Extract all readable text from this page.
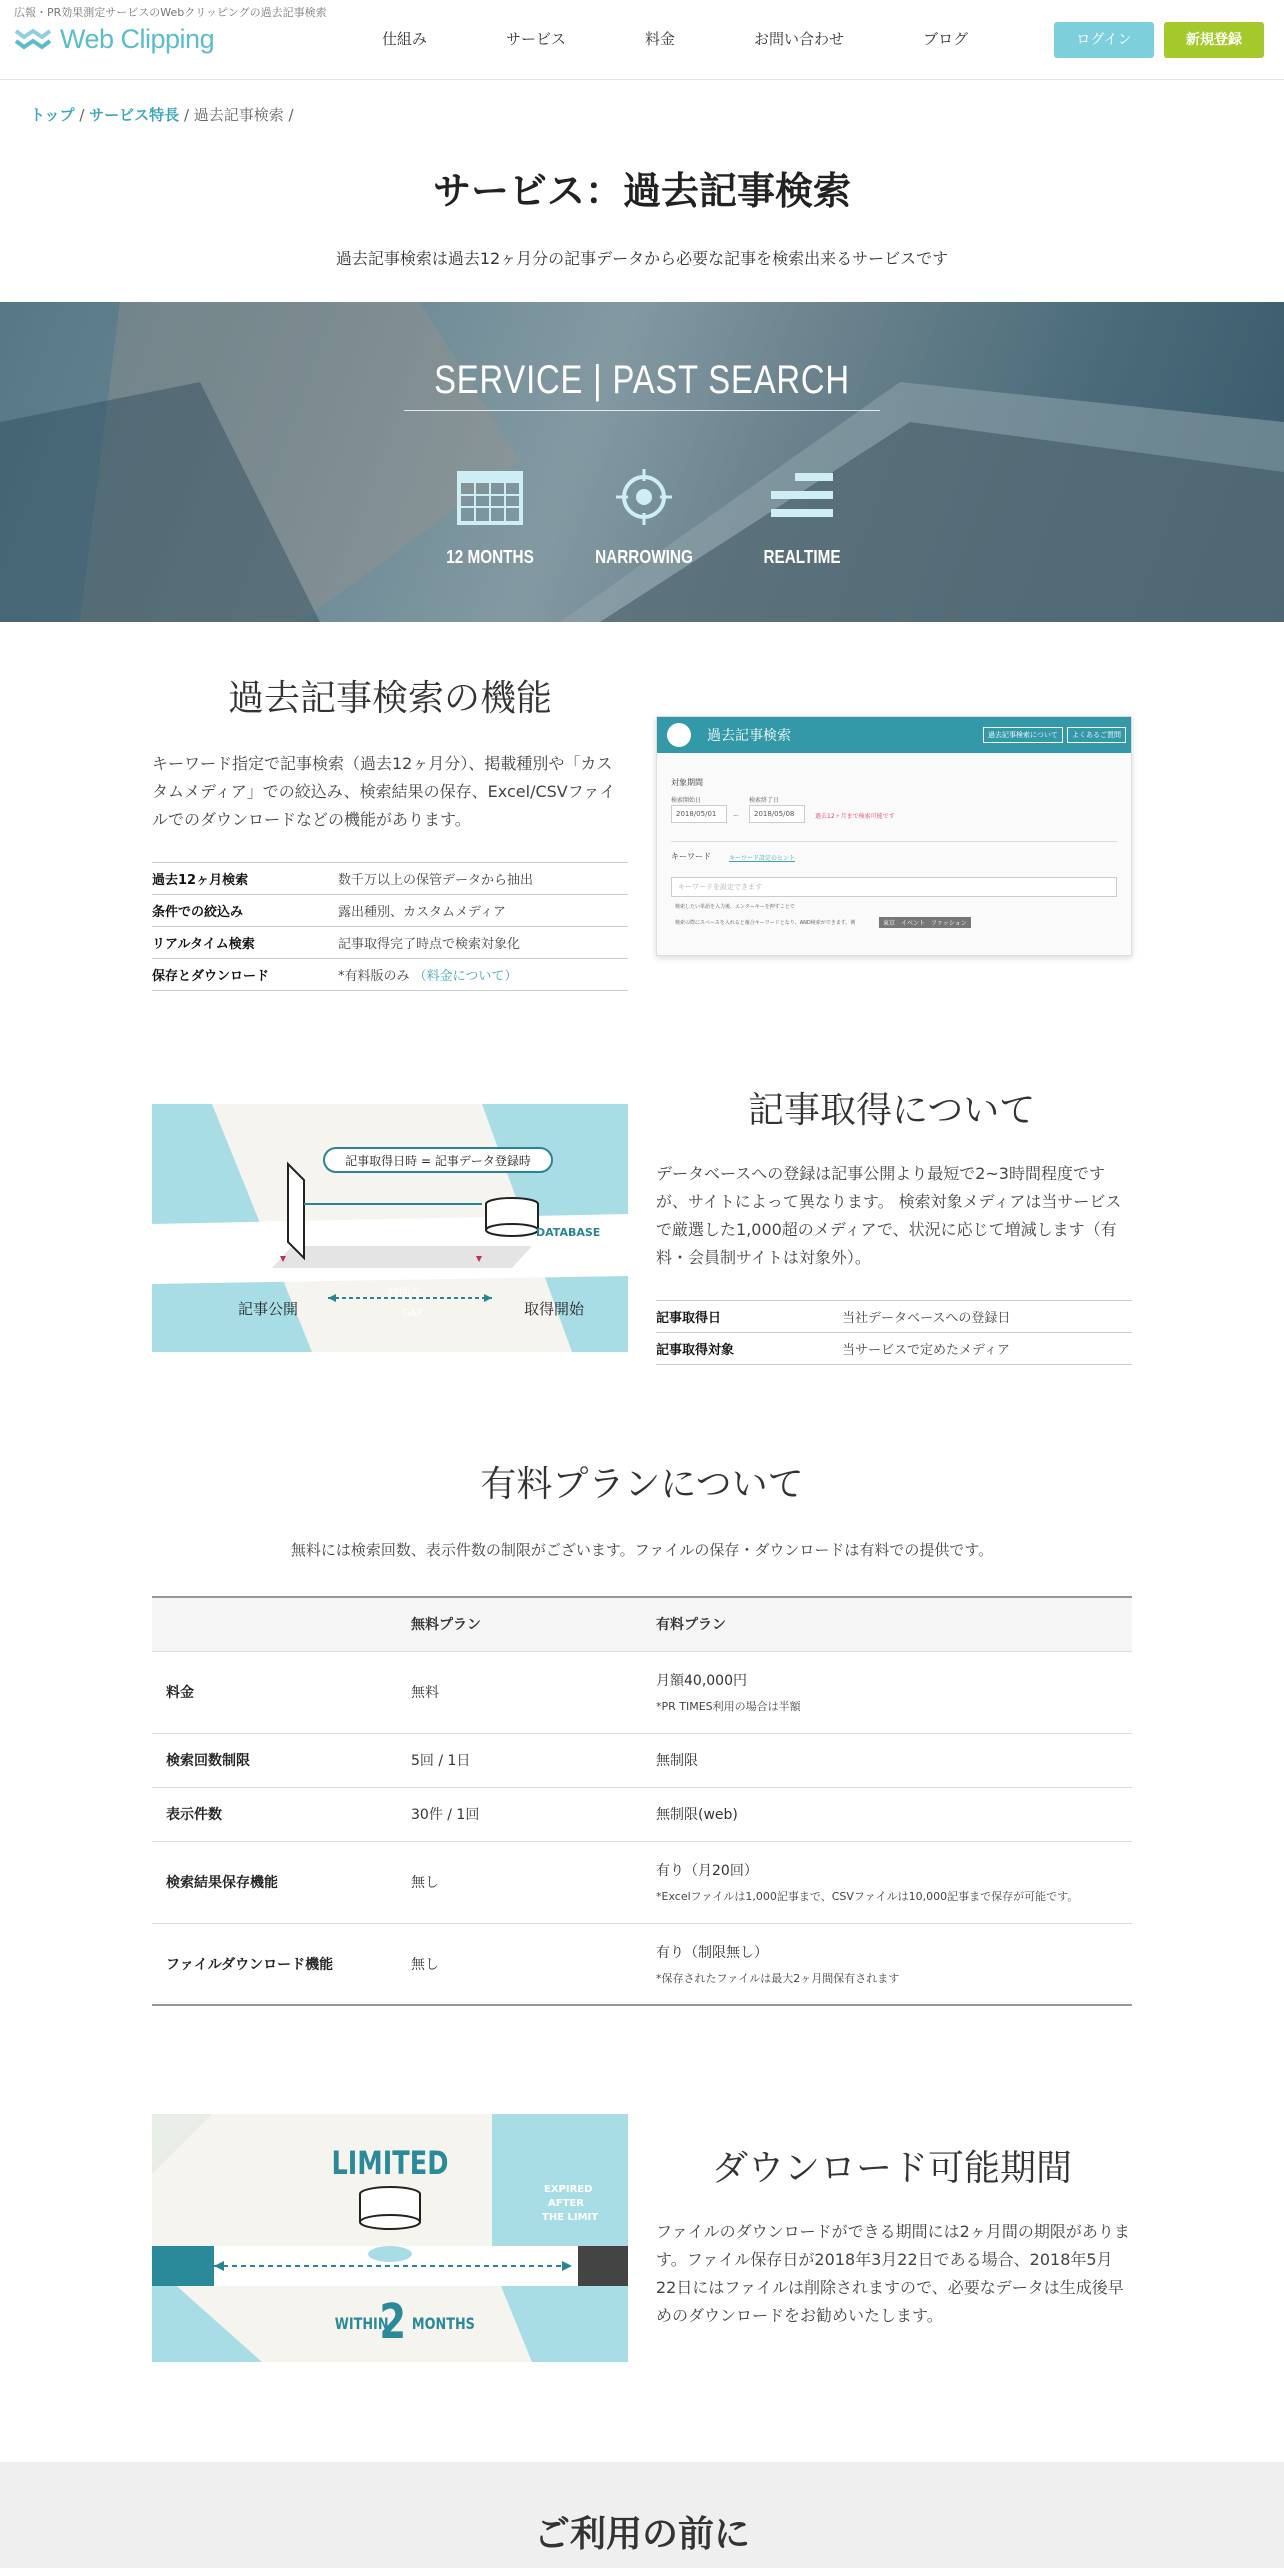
広報・PR効果測定サービスのWebクリッピングの過去記事検索
Web Clipping	仕組み	サービス	料金	お問い合わせ	ブログ	ログイン	新規登録
トップ / サービス特長 / 過去記事検索 /
サービス：過去記事検索

過去記事検索は過去12ヶ月分の記事データから必要な記事を検索出来るサービスです

SERVICE | PAST SEARCH
12 MONTHS	NARROWING	REALTIME
過去記事検索の機能

キーワード指定で記事検索（過去12ヶ月分）、掲載種別や「カスタムメディア」での絞込み、検索結果の保存、Excel/CSVファイルでのダウンロードなどの機能があります。

過去12ヶ月検索	数千万以上の保管データから抽出
条件での絞込み	露出種別、カスタムメディア
リアルタイム検索	記事取得完了時点で検索対象化
保存とダウンロード	*有料版のみ （料金について）
過去記事検索	過去記事検索について	よくあるご質問
対象期間
検索開始日	検索終了日
2018/05/01	〜	2018/05/08	過去12ヶ月まで検索可能です
キーワード	キーワード設定のヒント
キーワードを設定できます
検索したい単語を入力後、エンターキーを押すことで
検索の際にスペースを入れると複合キーワードとなり、AND検索ができます。例	東京　イベント　ファッション
記事取得日時 = 記事データ登録時
PUBLISHING	DATABASE
記事公開
時間差
GAP	取得開始
記事取得について

データベースへの登録は記事公開より最短で2~3時間程度ですが、サイトによって異なります。 検索対象メディアは当サービスで厳選した1,000超のメディアで、状況に応じて増減します（有料・会員制サイトは対象外）。

記事取得日	当社データベースへの登録日
記事取得対象	当サービスで定めたメディア
有料プランについて

無料には検索回数、表示件数の制限がございます。ファイルの保存・ダウンロードは有料での提供です。

	無料プラン	有料プラン
料金	無料	月額40,000円
*PR TIMES利用の場合は半額

検索回数制限	5回 / 1日	無制限
表示件数	30件 / 1回	無制限(web)
検索結果保存機能	無し	有り（月20回）
*Excelファイルは1,000記事まで、CSVファイルは10,000記事まで保存が可能です。

ファイルダウンロード機能	無し	有り（制限無し）
*保存されたファイルは最大2ヶ月間保有されます
LIMITED
EXPIRED
AFTER
THE LIMIT
WITHIN
2 MONTHS
ダウンロード可能期間

ファイルのダウンロードができる期間には2ヶ月間の期限があります。ファイル保存日が2018年3月22日である場合、2018年5月22日にはファイルは削除されますので、必要なデータは生成後早めのダウンロードをお勧めいたします。

ご利用の前に
